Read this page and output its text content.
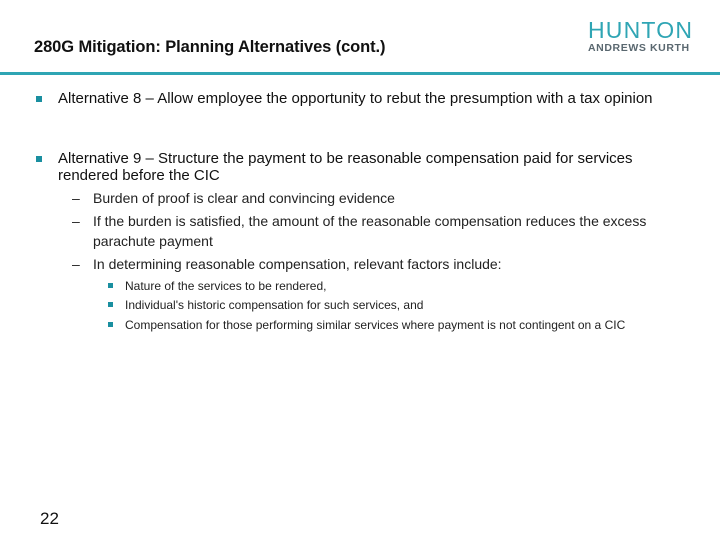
280G Mitigation: Planning Alternatives (cont.)
HUNTON
ANDREWS KURTH
Alternative 8 – Allow employee the opportunity to rebut the presumption with a tax opinion
Alternative 9 – Structure the payment to be reasonable compensation paid for services rendered before the CIC
– Burden of proof is clear and convincing evidence
– If the burden is satisfied, the amount of the reasonable compensation reduces the excess parachute payment
– In determining reasonable compensation, relevant factors include:
Nature of the services to be rendered,
Individual's historic compensation for such services, and
Compensation for those performing similar services where payment is not contingent on a CIC
22
